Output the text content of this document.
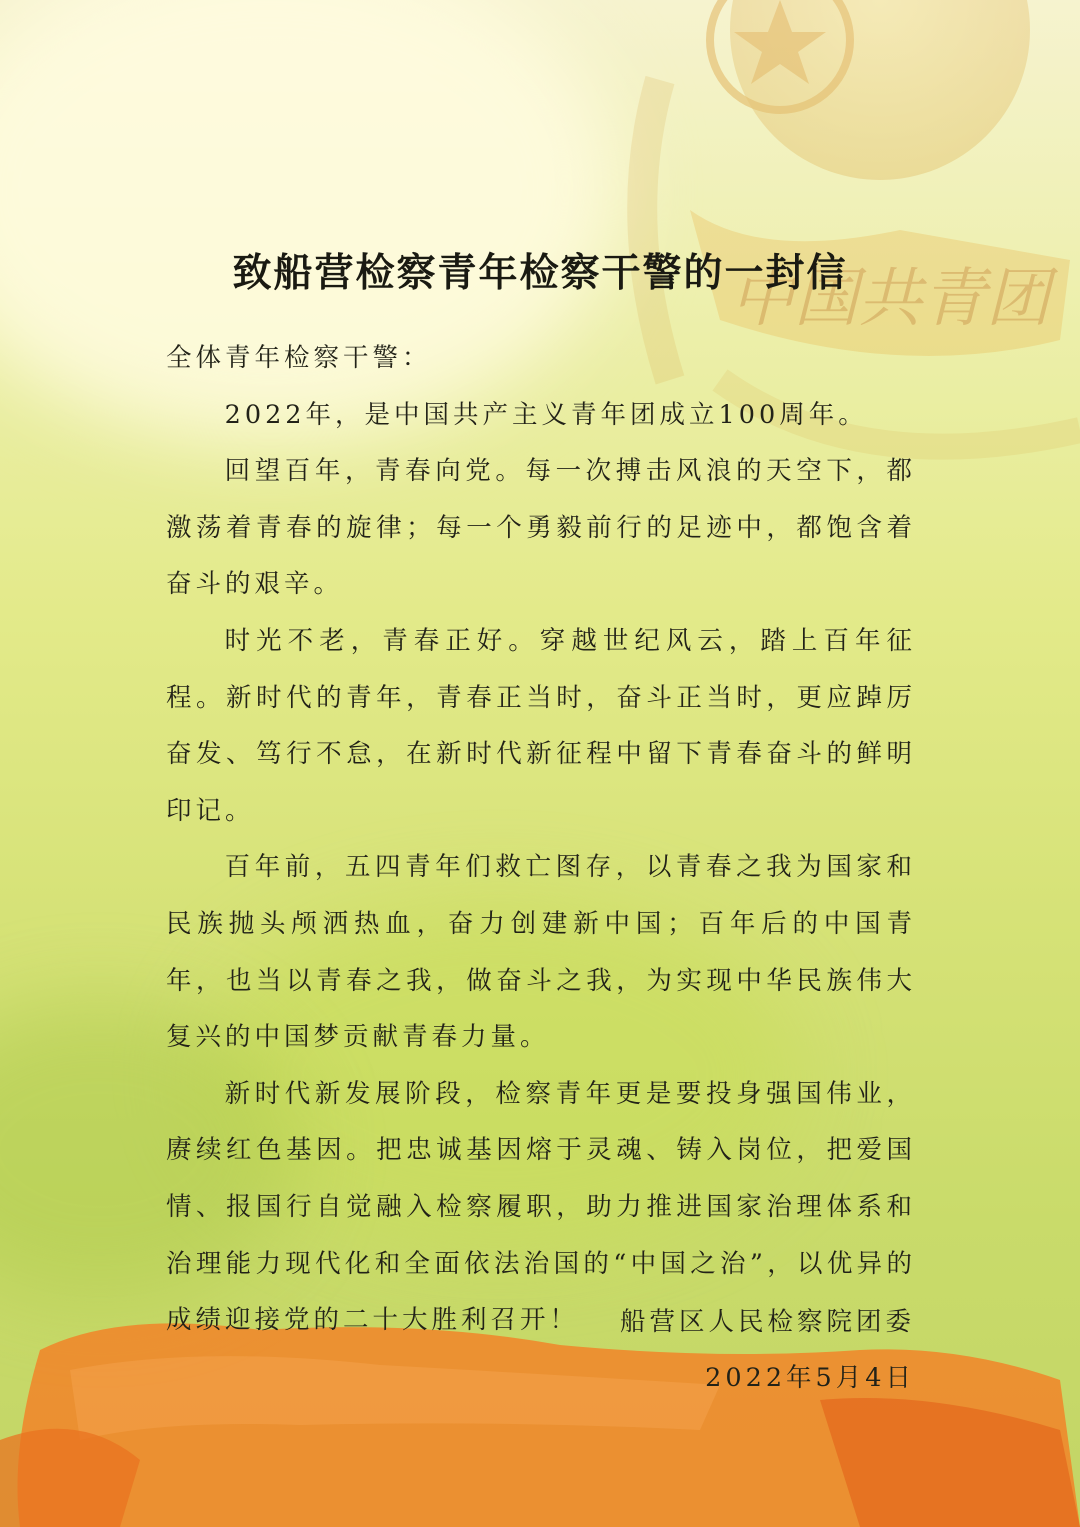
中国共青团
致船营检察青年检察干警的一封信

全体青年检察干警：

2022年，是中国共产主义青年团成立100周年。

回望百年，青春向党。每一次搏击风浪的天空下，都激荡着青春的旋律；每一个勇毅前行的足迹中，都饱含着奋斗的艰辛。

时光不老，青春正好。穿越世纪风云，踏上百年征程。新时代的青年，青春正当时，奋斗正当时，更应踔厉奋发、笃行不怠，在新时代新征程中留下青春奋斗的鲜明印记。

百年前，五四青年们救亡图存，以青春之我为国家和民族抛头颅洒热血，奋力创建新中国；百年后的中国青年，也当以青春之我，做奋斗之我，为实现中华民族伟大复兴的中国梦贡献青春力量。

新时代新发展阶段，检察青年更是要投身强国伟业，赓续红色基因。把忠诚基因熔于灵魂、铸入岗位，把爱国情、报国行自觉融入检察履职，助力推进国家治理体系和治理能力现代化和全面依法治国的“中国之治”，以优异的成绩迎接党的二十大胜利召开！	船营区人民检察院团委
2022年5月4日
